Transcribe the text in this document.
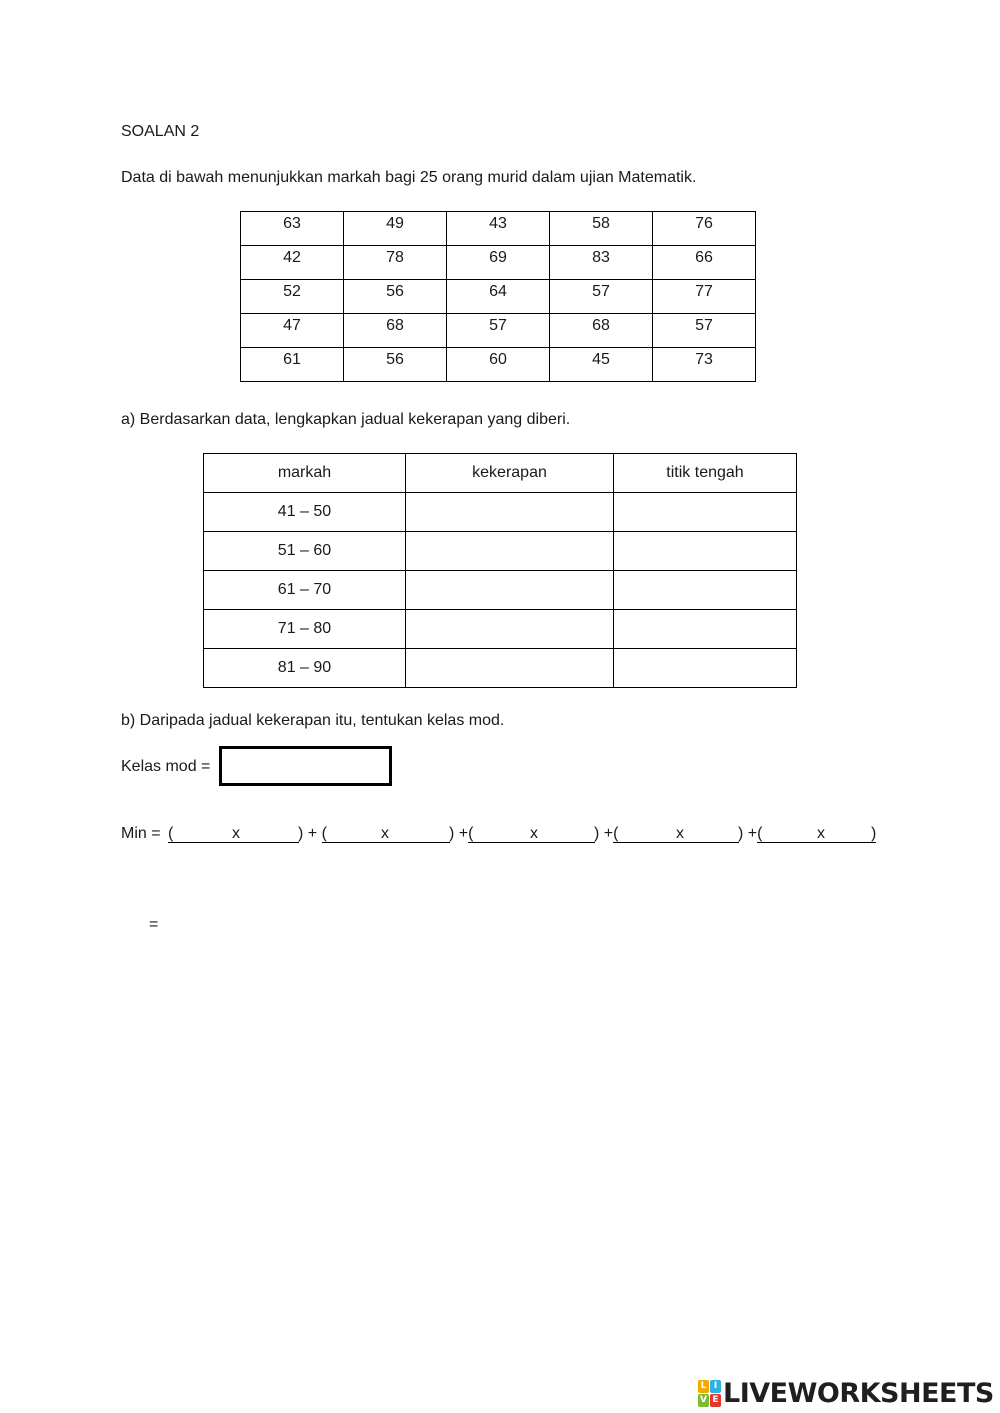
SOALAN 2
Data di bawah menunjukkan markah bagi 25 orang murid dalam ujian Matematik.
63	49	43	58	76
42	78	69	83	66
52	56	64	57	77
47	68	57	68	57
61	56	60	45	73
a) Berdasarkan data, lengkapkan jadual kekerapan yang diberi.
markah	kekerapan	titik tengah
41 – 50		
51 – 60		
61 – 70		
71 – 80		
81 – 90		
b) Daripada jadual kekerapan itu, tentukan kelas mod.
Kelas mod =
Min = (	x	) + (	x	) +(	x	) +(	x	) +(	x	)
=
L I
V E LIVEWORKSHEETS
